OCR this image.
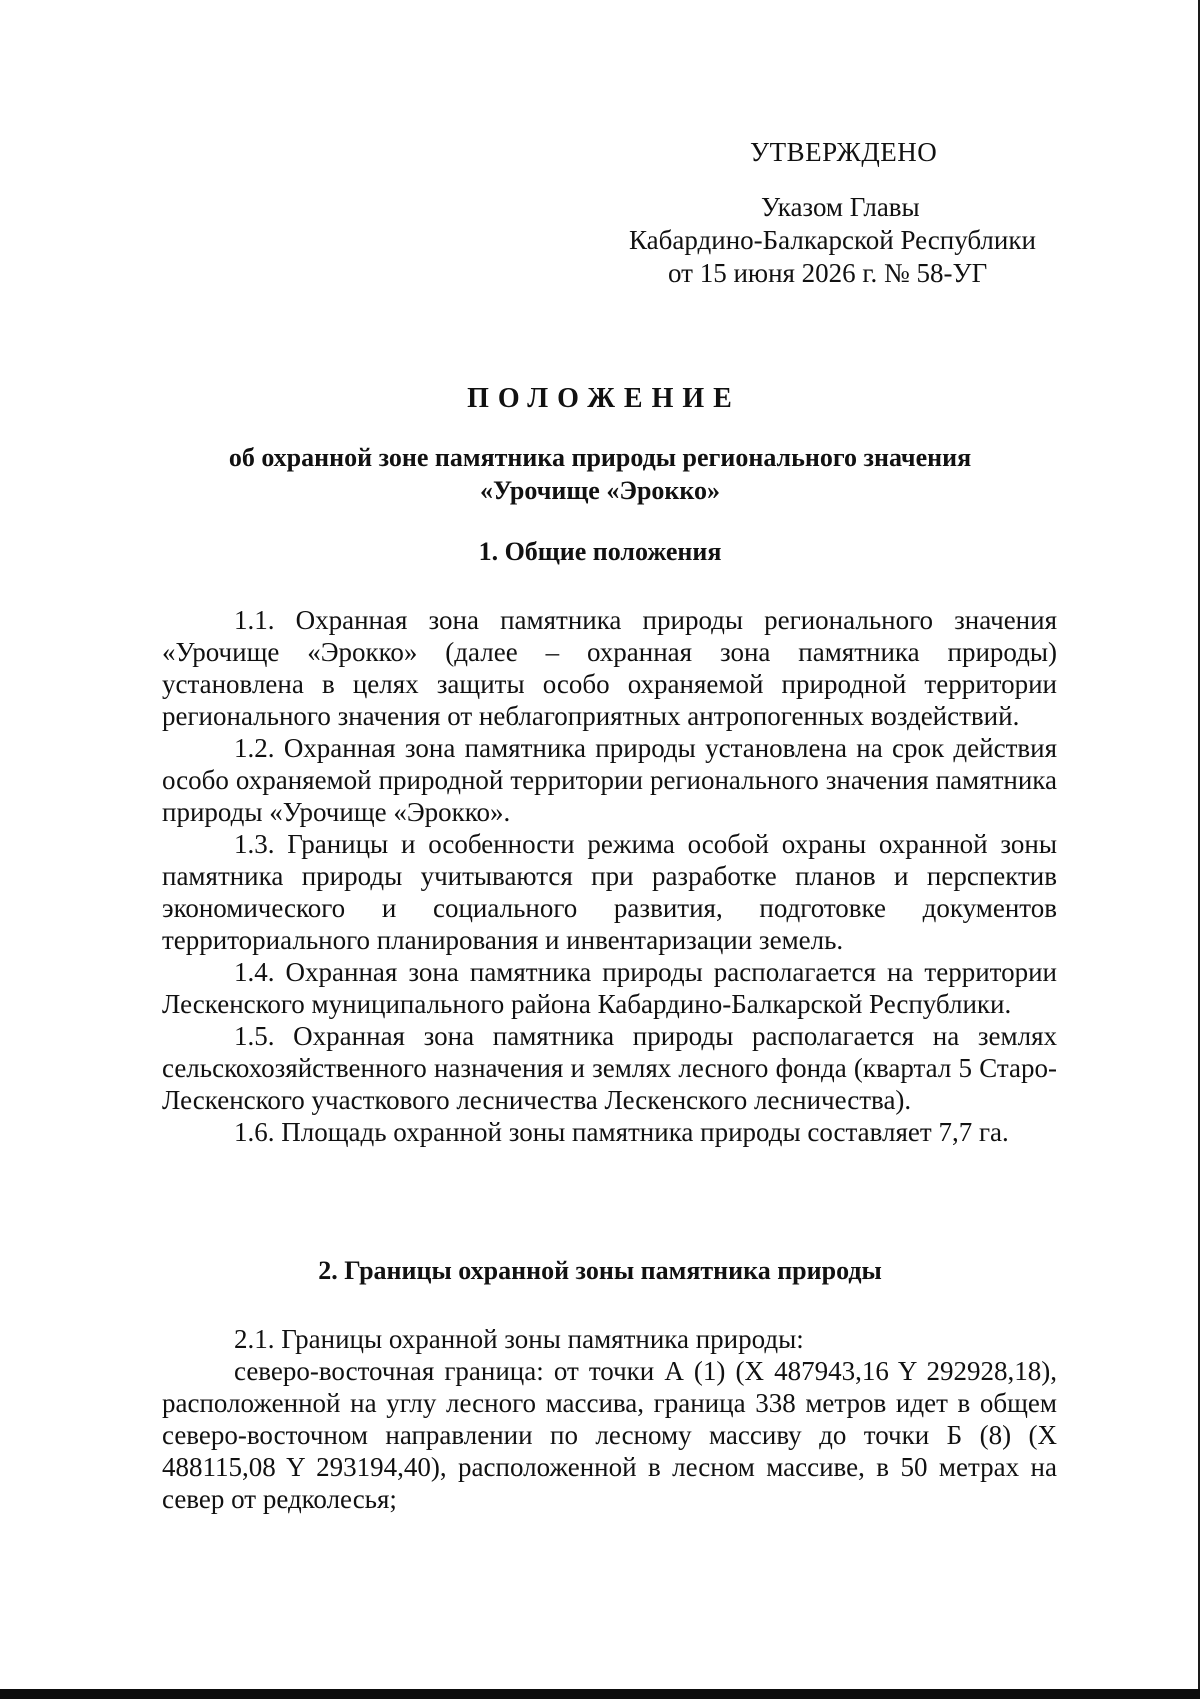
УТВЕРЖДЕНО
Указом Главы
Кабардино-Балкарской Республики
от 15 июня 2026 г. № 58-УГ
ПОЛОЖЕНИЕ
об охранной зоне памятника природы регионального значения
«Урочище «Эрокко»
1. Общие положения

1.1. Охранная зона памятника природы регионального значения «Урочище «Эрокко» (далее – охранная зона памятника природы) установлена в целях защиты особо охраняемой природной территории регионального значения от неблагоприятных антропогенных воздействий.

1.2. Охранная зона памятника природы установлена на срок действия особо охраняемой природной территории регионального значения памятника природы «Урочище «Эрокко».

1.3. Границы и особенности режима особой охраны охранной зоны памятника природы учитываются при разработке планов и перспектив экономического и социального развития, подготовке документов территориального планирования и инвентаризации земель.

1.4. Охранная зона памятника природы располагается на территории Лескенского муниципального района Кабардино-Балкарской Республики.

1.5. Охранная зона памятника природы располагается на землях сельскохозяйственного назначения и землях лесного фонда (квартал 5 Старо-Лескенского участкового лесничества Лескенского лесничества).

1.6. Площадь охранной зоны памятника природы составляет 7,7 га.

2. Границы охранной зоны памятника природы

2.1. Границы охранной зоны памятника природы:

северо-восточная граница: от точки А (1) (X 487943,16 Y 292928,18), расположенной на углу лесного массива, граница 338 метров идет в общем северо-восточном направлении по лесному массиву до точки Б (8) (X 488115,08 Y 293194,40), расположенной в лесном массиве, в 50 метрах на север от редколесья;
